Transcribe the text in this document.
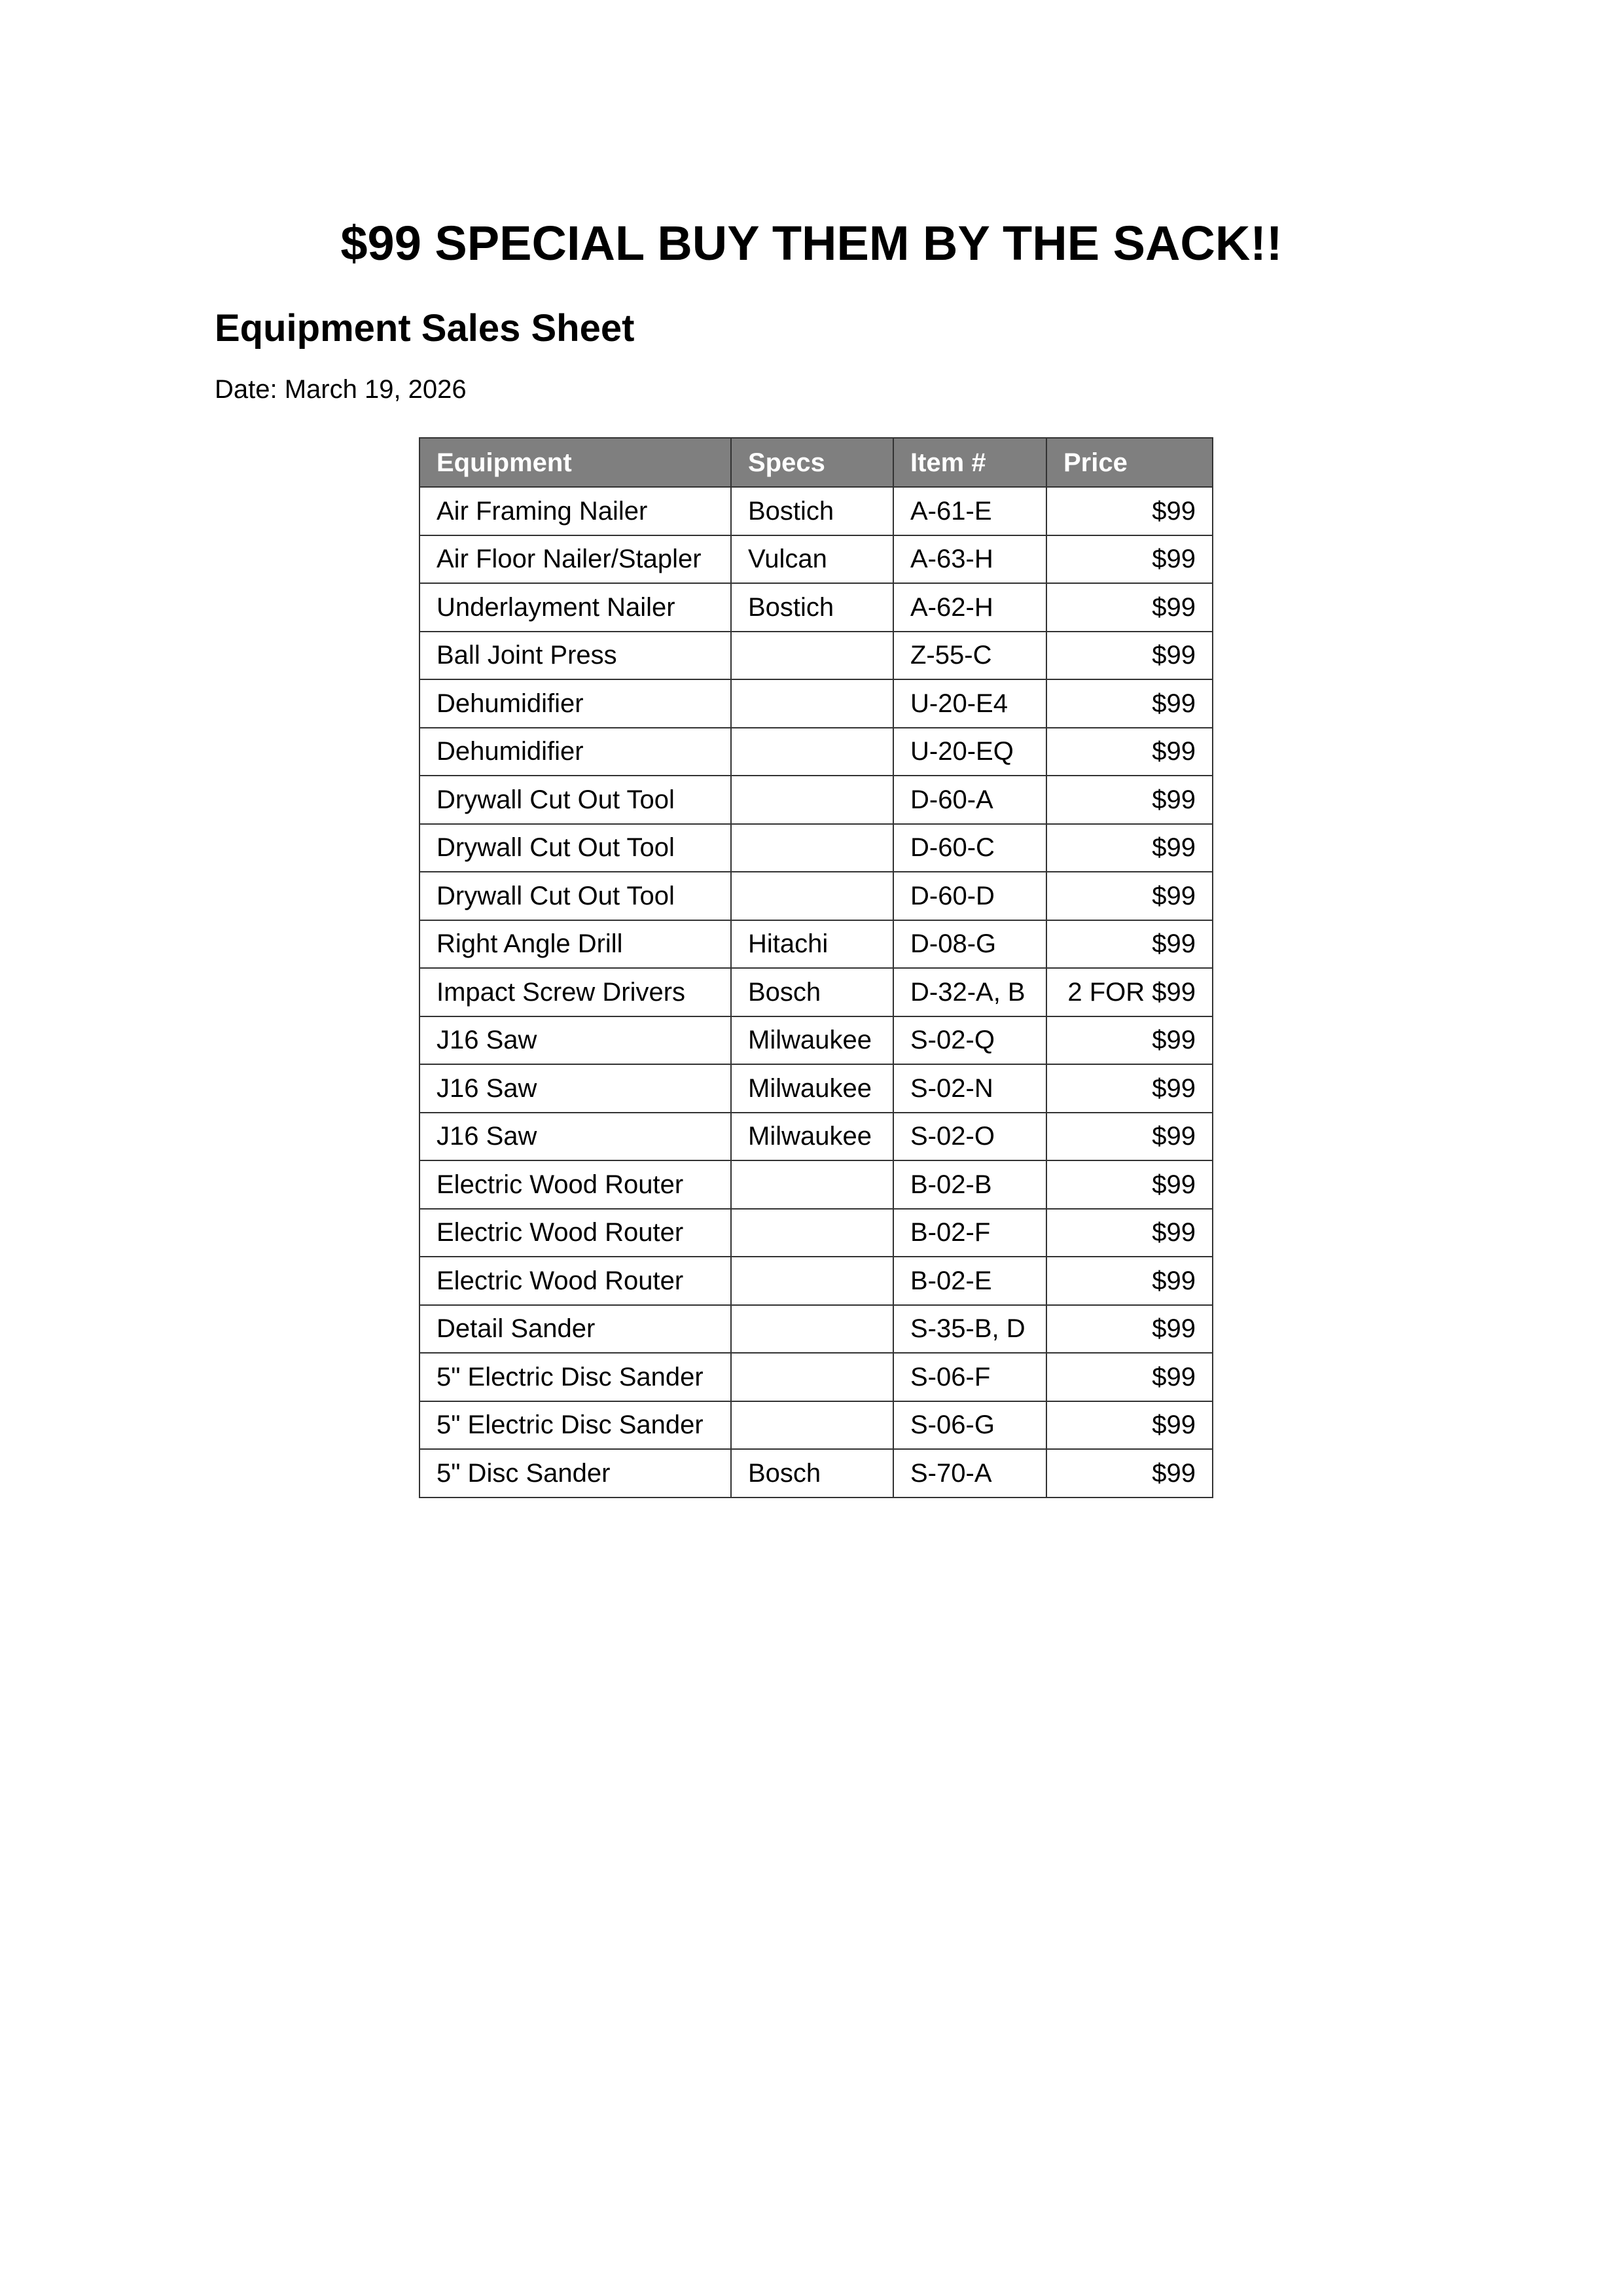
$99 SPECIAL BUY THEM BY THE SACK!!
Equipment Sales Sheet

Date: March 19, 2026

Equipment	Specs	Item #	Price
Air Framing Nailer	Bostich	A-61-E	$99
Air Floor Nailer/Stapler	Vulcan	A-63-H	$99
Underlayment Nailer	Bostich	A-62-H	$99
Ball Joint Press		Z-55-C	$99
Dehumidifier		U-20-E4	$99
Dehumidifier		U-20-EQ	$99
Drywall Cut Out Tool		D-60-A	$99
Drywall Cut Out Tool		D-60-C	$99
Drywall Cut Out Tool		D-60-D	$99
Right Angle Drill	Hitachi	D-08-G	$99
Impact Screw Drivers	Bosch	D-32-A, B	2 FOR $99
J16 Saw	Milwaukee	S-02-Q	$99
J16 Saw	Milwaukee	S-02-N	$99
J16 Saw	Milwaukee	S-02-O	$99
Electric Wood Router		B-02-B	$99
Electric Wood Router		B-02-F	$99
Electric Wood Router		B-02-E	$99
Detail Sander		S-35-B, D	$99
5" Electric Disc Sander		S-06-F	$99
5" Electric Disc Sander		S-06-G	$99
5" Disc Sander	Bosch	S-70-A	$99
